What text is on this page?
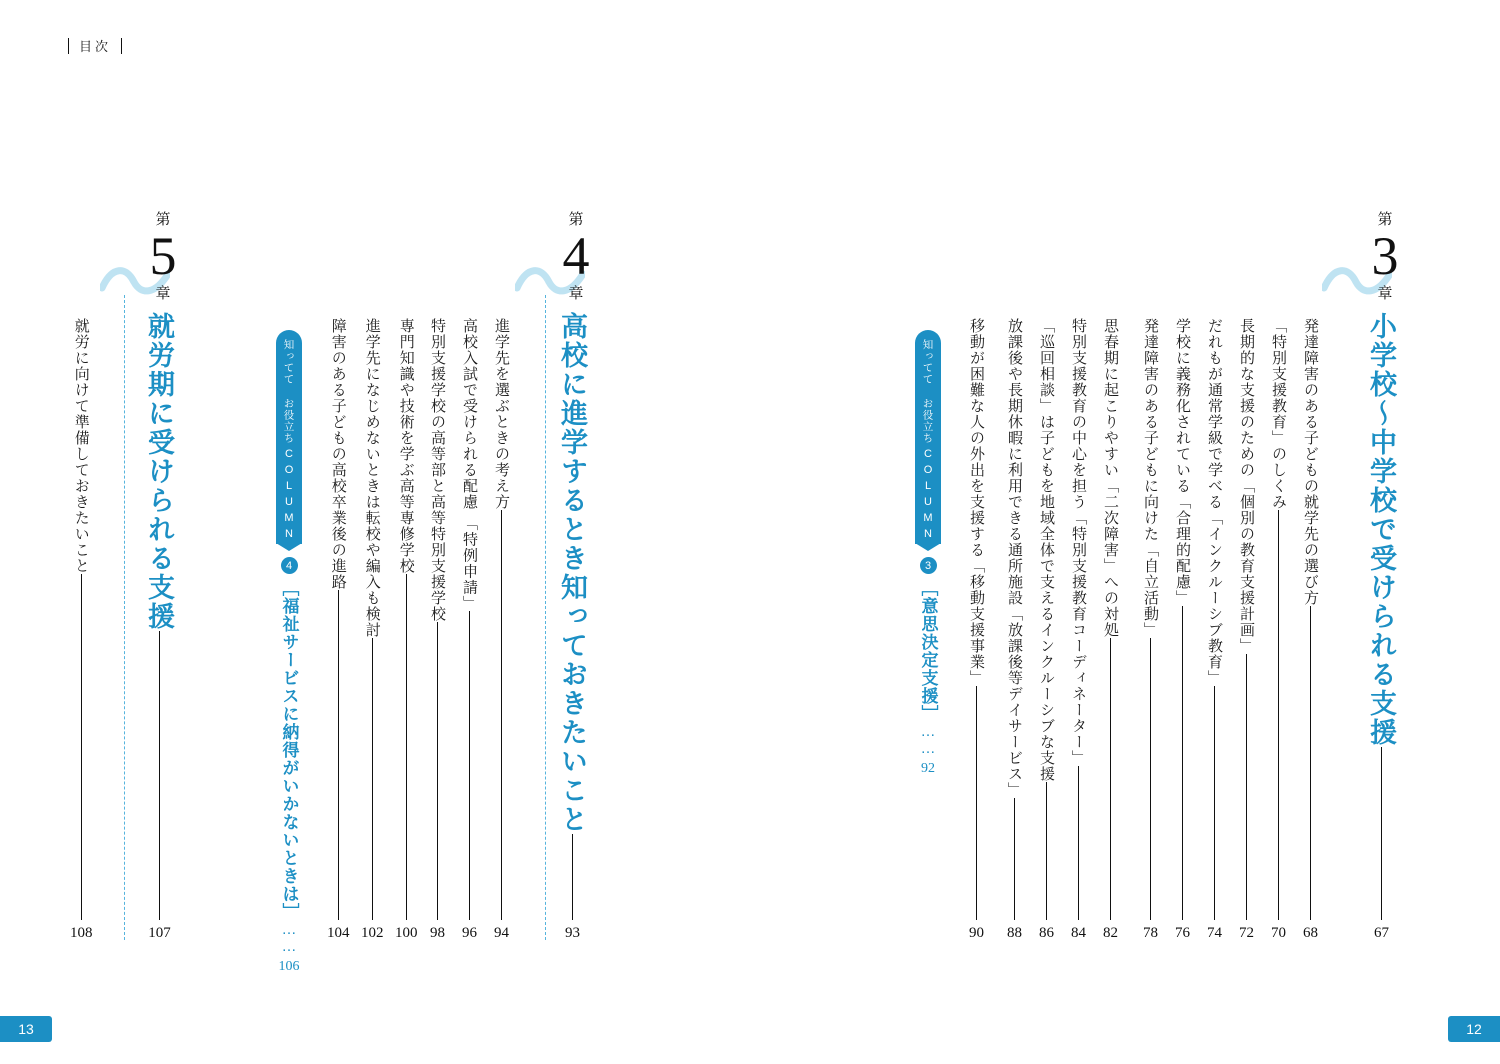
目次
13	12
第
3
章
小学校〜中学校で受けられる支援
67
発達障害のある子どもの就学先の選び方
68
「特別支援教育」のしくみ
70
長期的な支援のための「個別の教育支援計画」
72
だれもが通常学級で学べる「インクルーシブ教育」
74
学校に義務化されている「合理的配慮」
76
発達障害のある子どもに向けた「自立活動」
78
思春期に起こりやすい「二次障害」への対処
82
特別支援教育の中心を担う「特別支援教育コーディネーター」
84
「巡回相談」は子どもを地域全体で支えるインクルーシブな支援
86
放課後や長期休暇に利用できる通所施設「放課後等デイサービス」
88
移動が困難な人の外出を支援する「移動支援事業」
90
知ってて お役立ち
COLUMN
3
［意思決定支援］
……
92
第
4
章
高校に進学するとき知っておきたいこと
93
進学先を選ぶときの考え方
94
高校入試で受けられる配慮 「特例申請」
96
特別支援学校の高等部と高等特別支援学校
98
専門知識や技術を学ぶ高等専修学校
100
進学先になじめないときは転校や編入も検討
102
障害のある子どもの高校卒業後の進路
104
知ってて お役立ち
COLUMN
4
［福祉サービスに納得がいかないときは］
……
106
第
5
章
就労期に受けられる支援
107
就労に向けて準備しておきたいこと
108
